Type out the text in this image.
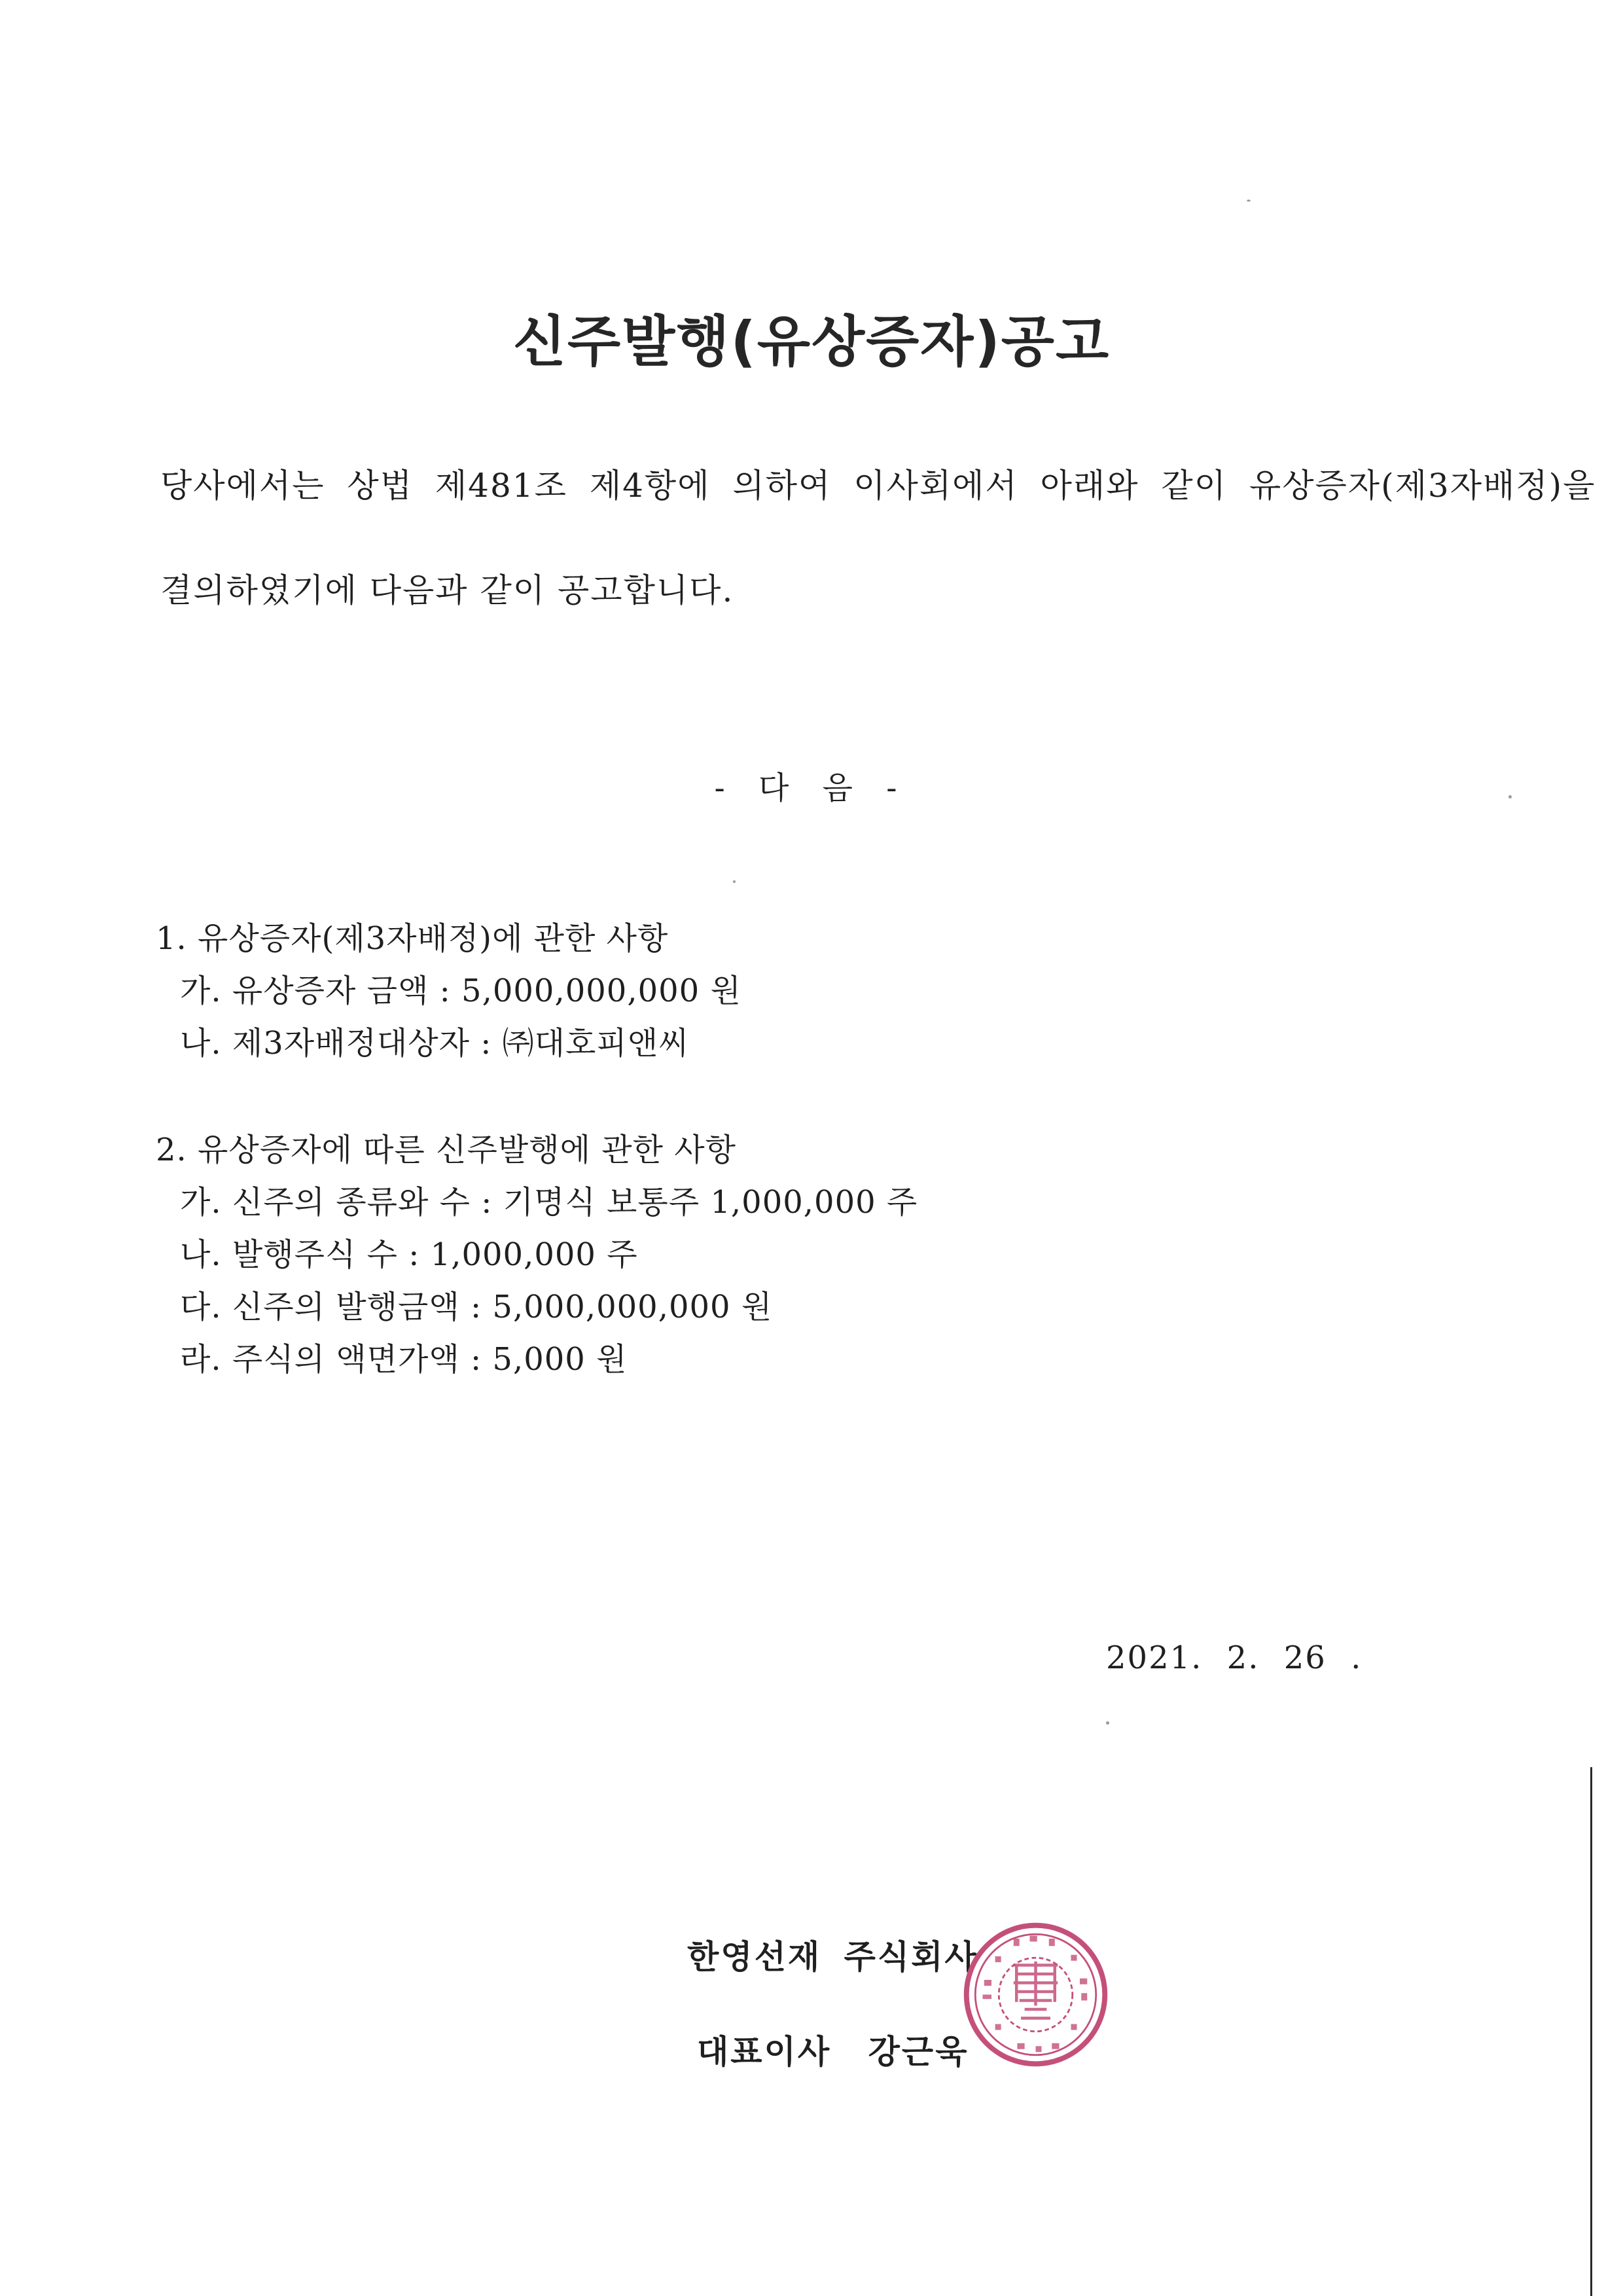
신주발행(유상증자)공고
당사에서는 상법 제481조 제4항에 의하여 이사회에서 아래와 같이 유상증자(제3자배정)을
결의하였기에 다음과 같이 공고합니다.
- 다 음 -
1. 유상증자(제3자배정)에 관한 사항
가. 유상증자 금액 : 5,000,000,000 원
나. 제3자배정대상자 : ㈜대호피앤씨
2. 유상증자에 따른 신주발행에 관한 사항
가. 신주의 종류와 수 : 기명식 보통주 1,000,000 주
나. 발행주식 수 : 1,000,000 주
다. 신주의 발행금액 : 5,000,000,000 원
라. 주식의 액면가액 : 5,000 원
2021. 2. 26 .
한영선재 주식회사
대표이사 강근욱
